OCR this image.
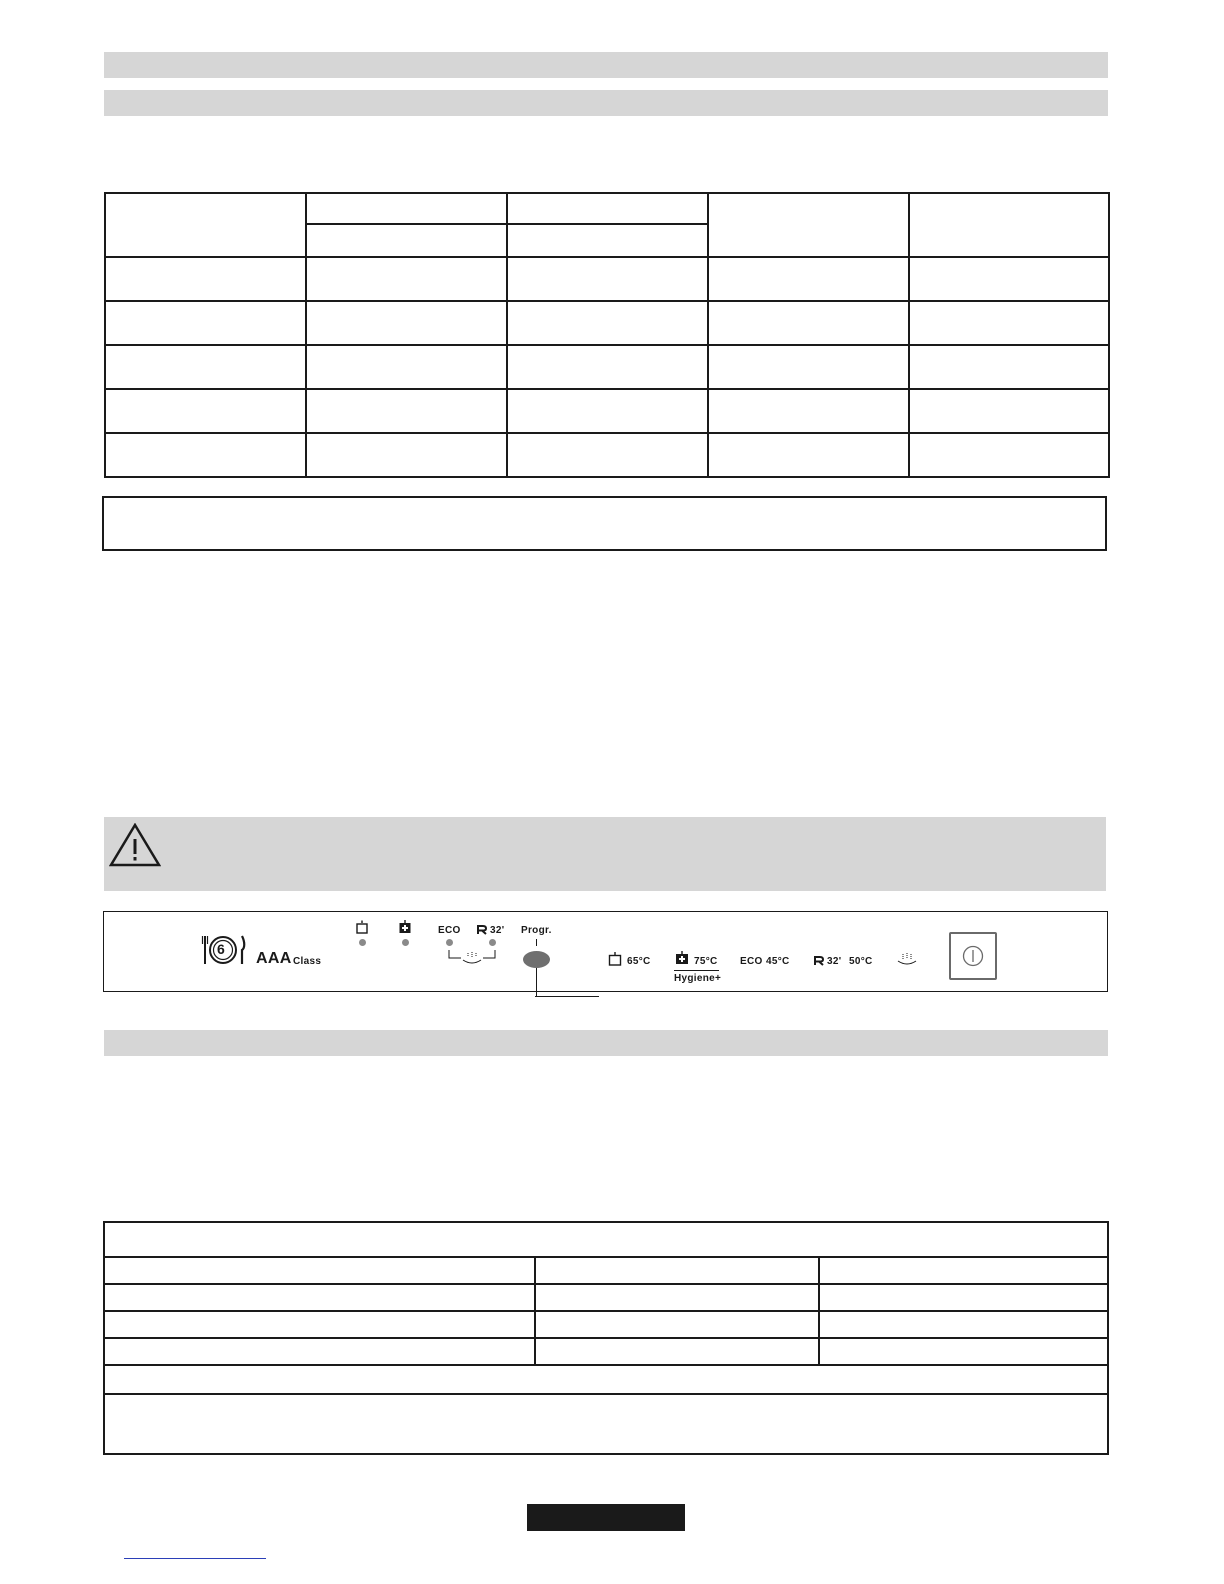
6
AAA Class
ECO	32' Progr.
65°C	75°C
Hygiene+
ECO 45°C	32' 50°C
